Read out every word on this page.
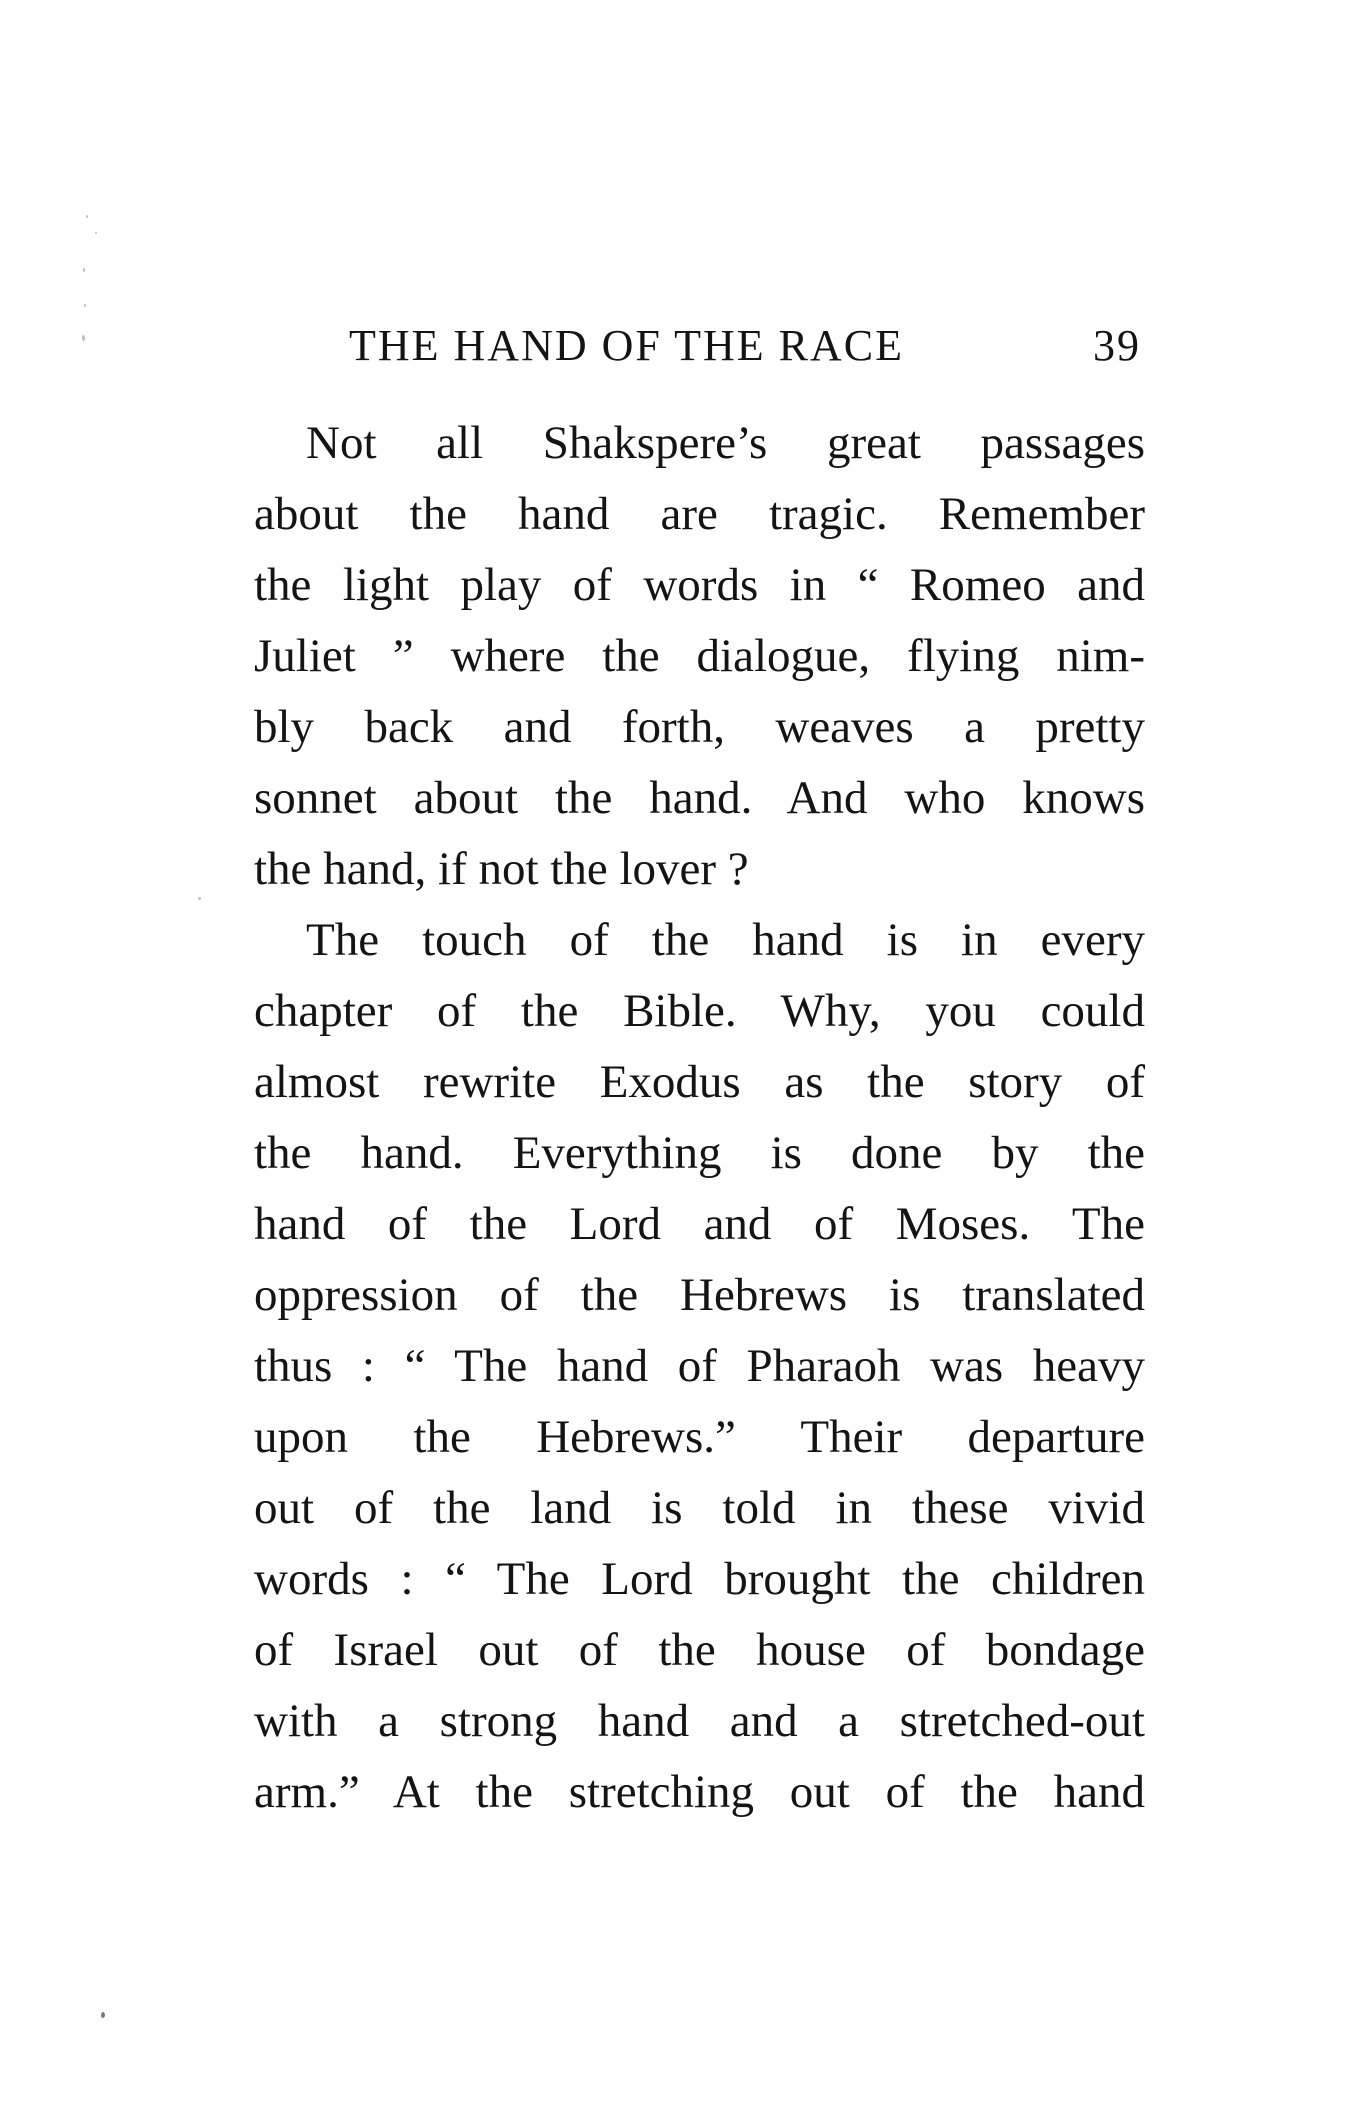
THE HAND OF THE RACE	39
Not all Shakspere’s great passages
about the hand are tragic. Remember
the light play of words in “ Romeo and
Juliet ” where the dialogue, flying nim-
bly back and forth, weaves a pretty
sonnet about the hand. And who knows
the hand, if not the lover ?
The touch of the hand is in every
chapter of the Bible. Why, you could
almost rewrite Exodus as the story of
the hand. Everything is done by the
hand of the Lord and of Moses. The
oppression of the Hebrews is translated
thus : “ The hand of Pharaoh was heavy
upon the Hebrews.” Their departure
out of the land is told in these vivid
words : “ The Lord brought the children
of Israel out of the house of bondage
with a strong hand and a stretched-out
arm.” At the stretching out of the hand
